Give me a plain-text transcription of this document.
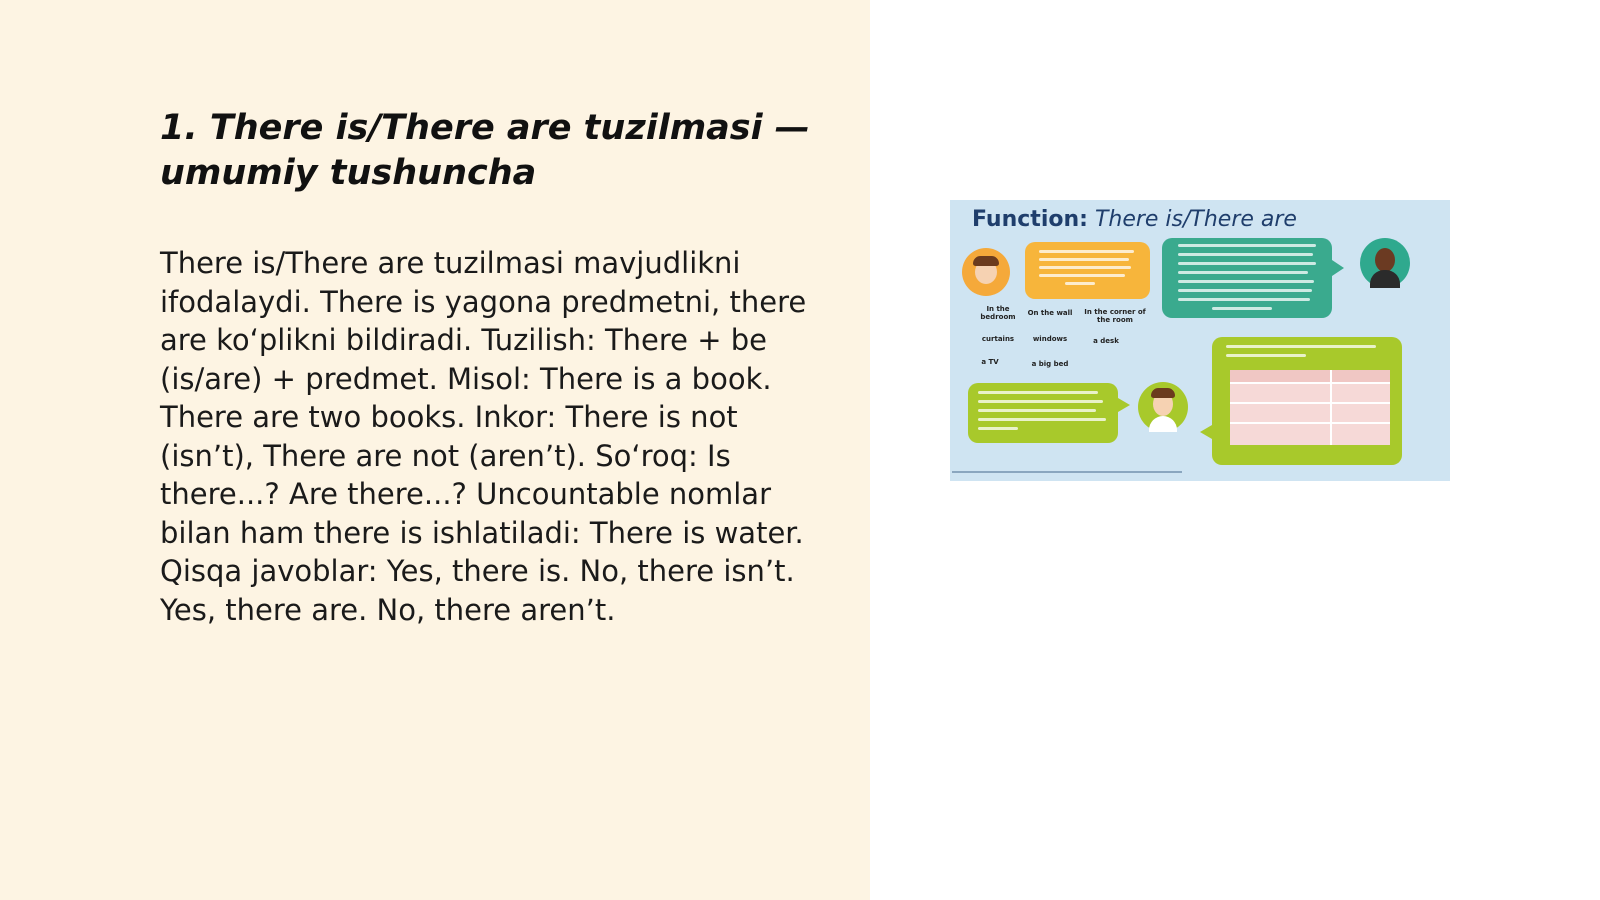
1. There is/There are tuzilmasi — umumiy tushuncha

There is/There are tuzilmasi mavjudlikni ifodalaydi. There is yagona predmetni, there are koʻplikni bildiradi. Tuzilish: There + be (is/are) + predmet. Misol: There is a book. There are two books. Inkor: There is not (isn’t), There are not (aren’t). Soʻroq: Is there...? Are there...? Uncountable nomlar bilan ham there is ishlatiladi: There is water. Qisqa javoblar: Yes, there is. No, there isn’t. Yes, there are. No, there aren’t.

Function: There is/There are
In the bedroom	On the wall	In the corner of the room
curtains	windows	a desk
a TV	a big bed
